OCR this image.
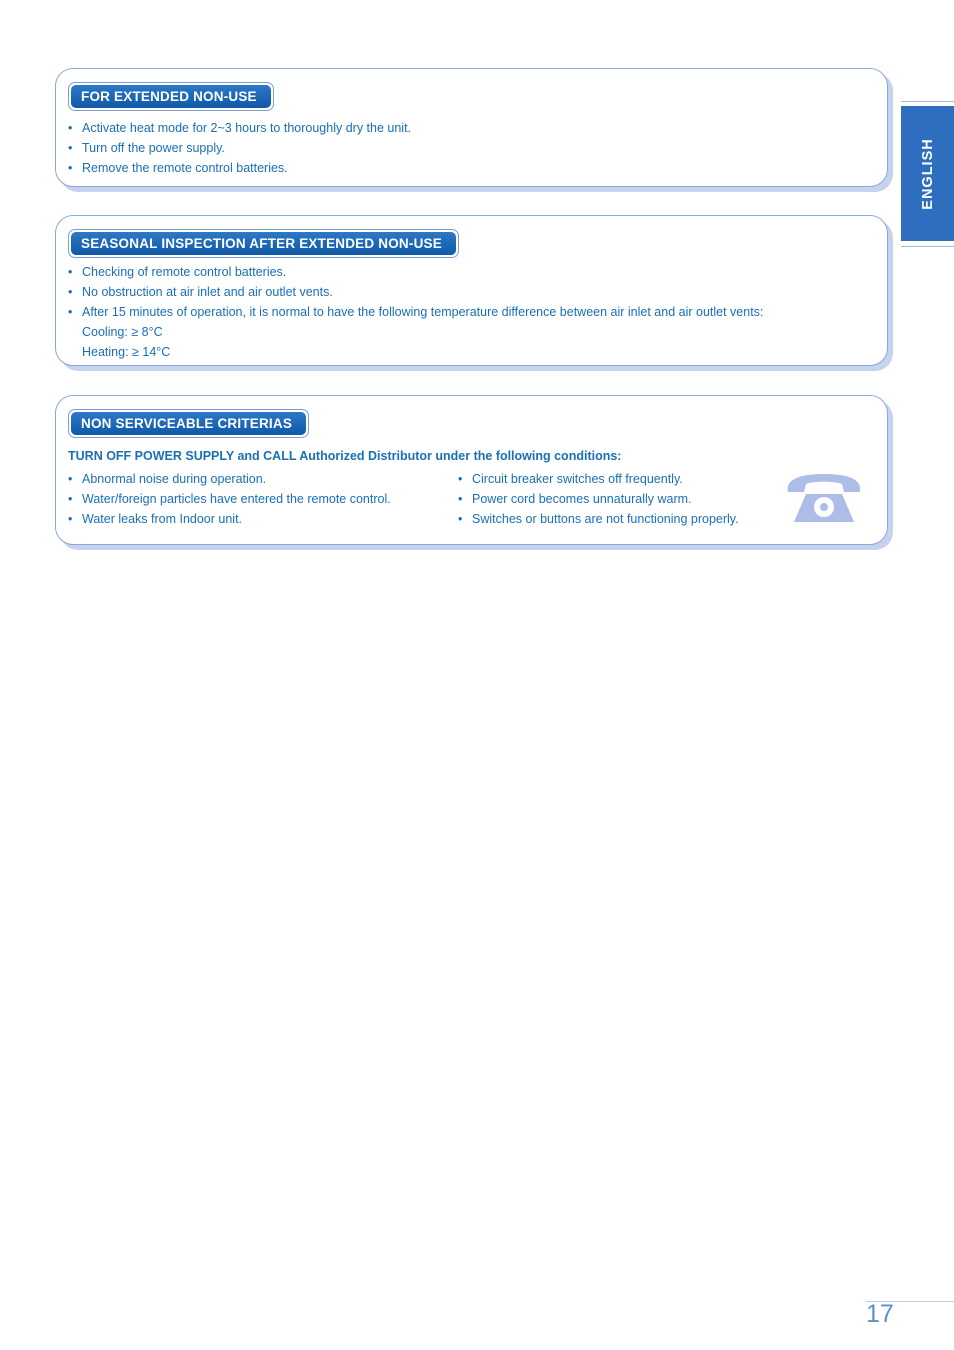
ENGLISH
FOR EXTENDED NON-USE
• Activate heat mode for 2~3 hours to thoroughly dry the unit.
• Turn off the power supply.
• Remove the remote control batteries.
SEASONAL INSPECTION AFTER EXTENDED NON-USE
• Checking of remote control batteries.
• No obstruction at air inlet and air outlet vents.
• After 15 minutes of operation, it is normal to have the following temperature difference between air inlet and air outlet vents:
Cooling: ≥ 8°C
Heating: ≥ 14°C
NON SERVICEABLE CRITERIAS
TURN OFF POWER SUPPLY and CALL Authorized Distributor under the following conditions:
• Abnormal noise during operation.
• Water/foreign particles have entered the remote control.
• Water leaks from Indoor unit.
• Circuit breaker switches off frequently.
• Power cord becomes unnaturally warm.
• Switches or buttons are not functioning properly.
17
